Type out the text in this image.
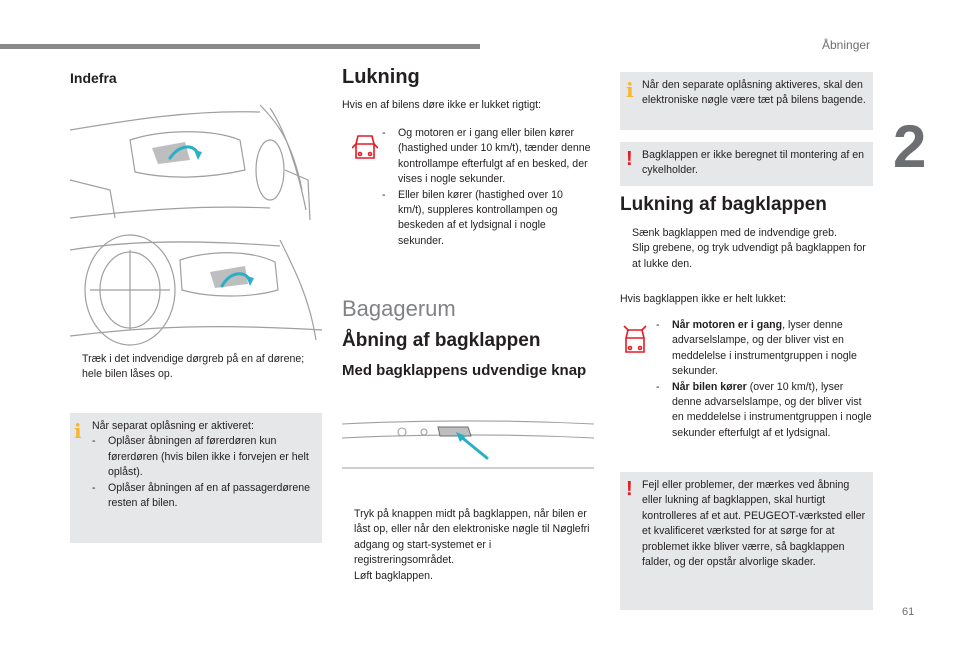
Åbninger
2
61
Indefra
Træk i det indvendige dørgreb på en af dørene; hele bilen låses op.
i Når separat oplåsning er aktiveret:
-	Oplåser åbningen af førerdøren kun førerdøren (hvis bilen ikke i forvejen er helt oplåst).
-	Oplåser åbningen af en af passagerdørene resten af bilen.
Lukning
Hvis en af bilens døre ikke er lukket rigtigt:
-	Og motoren er i gang eller bilen kører (hastighed under 10 km/t), tænder denne kontrollampe efterfulgt af en besked, der vises i nogle sekunder.
-	Eller bilen kører (hastighed over 10 km/t), suppleres kontrollampen og beskeden af et lydsignal i nogle sekunder.
Bagagerum
Åbning af bagklappen
Med bagklappens udvendige knap
Tryk på knappen midt på bagklappen, når bilen er låst op, eller når den elektroniske nøgle til Nøglefri adgang og start-systemet er i registreringsområdet.
Løft bagklappen.
i Når den separate oplåsning aktiveres, skal den elektroniske nøgle være tæt på bilens bagende.
! Bagklappen er ikke beregnet til montering af en cykelholder.
Lukning af bagklappen
Sænk bagklappen med de indvendige greb.
Slip grebene, og tryk udvendigt på bagklappen for at lukke den.
Hvis bagklappen ikke er helt lukket:
-	Når motoren er i gang, lyser denne advarselslampe, og der bliver vist en meddelelse i instrumentgruppen i nogle sekunder.
-	Når bilen kører (over 10 km/t), lyser denne advarselslampe, og der bliver vist en meddelelse i instrumentgruppen i nogle sekunder efterfulgt af et lydsignal.
! Fejl eller problemer, der mærkes ved åbning eller lukning af bagklappen, skal hurtigt kontrolleres af et aut. PEUGEOT-værksted eller et kvalificeret værksted for at sørge for at problemet ikke bliver værre, så bagklappen falder, og der opstår alvorlige skader.
